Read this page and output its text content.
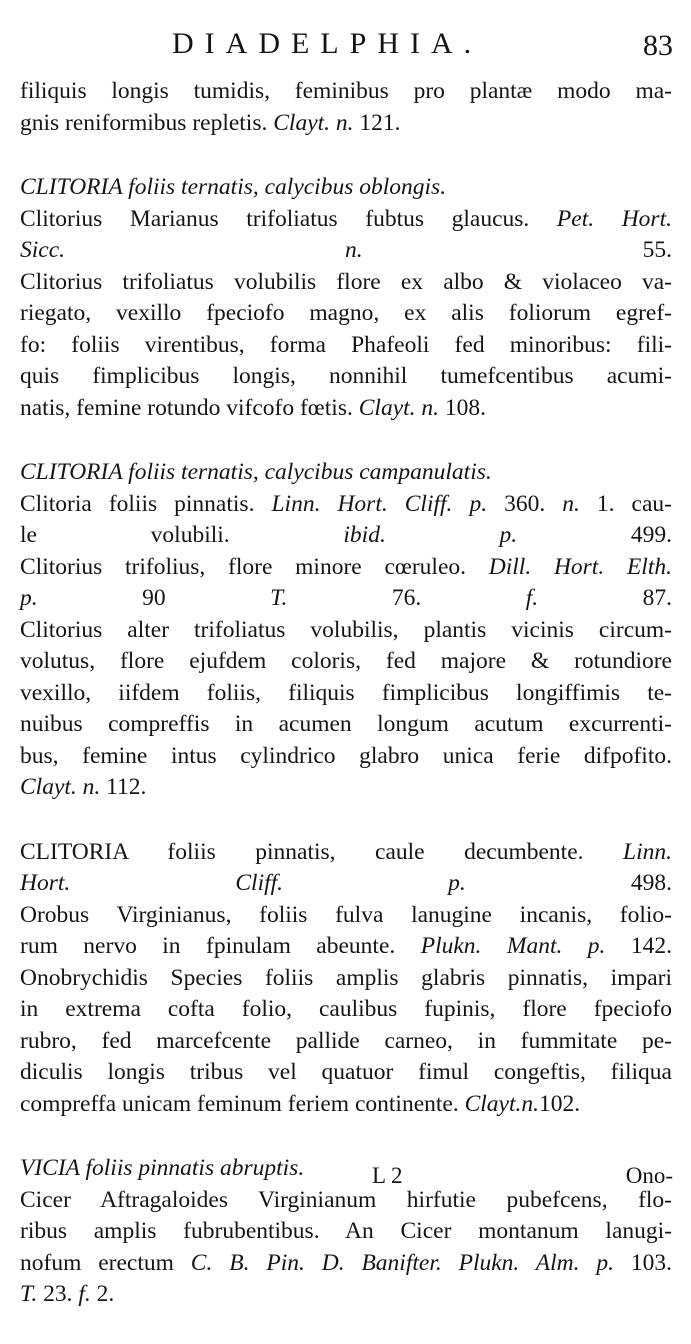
DIADELPHIA.	83
filiquis longis tumidis, feminibus pro plantæ modo ma-
gnis reniformibus repletis. Clayt. n. 121.
CLITORIA foliis ternatis, calycibus oblongis.
Clitorius Marianus trifoliatus fubtus glaucus. Pet. Hort.
Sicc. n. 55.
Clitorius trifoliatus volubilis flore ex albo & violaceo va-
riegato, vexillo fpeciofo magno, ex alis foliorum egref-
fo: foliis virentibus, forma Phafeoli fed minoribus: fili-
quis fimplicibus longis, nonnihil tumefcentibus acumi-
natis, femine rotundo vifcofo fœtis. Clayt. n. 108.
CLITORIA foliis ternatis, calycibus campanulatis.
Clitoria foliis pinnatis. Linn. Hort. Cliff. p. 360. n. 1. cau-
le volubili. ibid. p. 499.
Clitorius trifolius, flore minore cœruleo. Dill. Hort. Elth.
p. 90 T. 76. f. 87.
Clitorius alter trifoliatus volubilis, plantis vicinis circum-
volutus, flore ejufdem coloris, fed majore & rotundiore
vexillo, iifdem foliis, filiquis fimplicibus longiffimis te-
nuibus compreffis in acumen longum acutum excurrenti-
bus, femine intus cylindrico glabro unica ferie difpofito.
Clayt. n. 112.
CLITORIA foliis pinnatis, caule decumbente. Linn.
Hort. Cliff. p. 498.
Orobus Virginianus, foliis fulva lanugine incanis, folio-
rum nervo in fpinulam abeunte. Plukn. Mant. p. 142.
Onobrychidis Species foliis amplis glabris pinnatis, impari
in extrema cofta folio, caulibus fupinis, flore fpeciofo
rubro, fed marcefcente pallide carneo, in fummitate pe-
diculis longis tribus vel quatuor fimul congeftis, filiqua
compreffa unicam feminum feriem continente. Clayt.n.102.
VICIA foliis pinnatis abruptis.
Cicer Aftragaloides Virginianum hirfutie pubefcens, flo-
ribus amplis fubrubentibus. An Cicer montanum lanugi-
nofum erectum C. B. Pin. D. Banifter. Plukn. Alm. p. 103.
T. 23. f. 2.
L 2	Ono-
